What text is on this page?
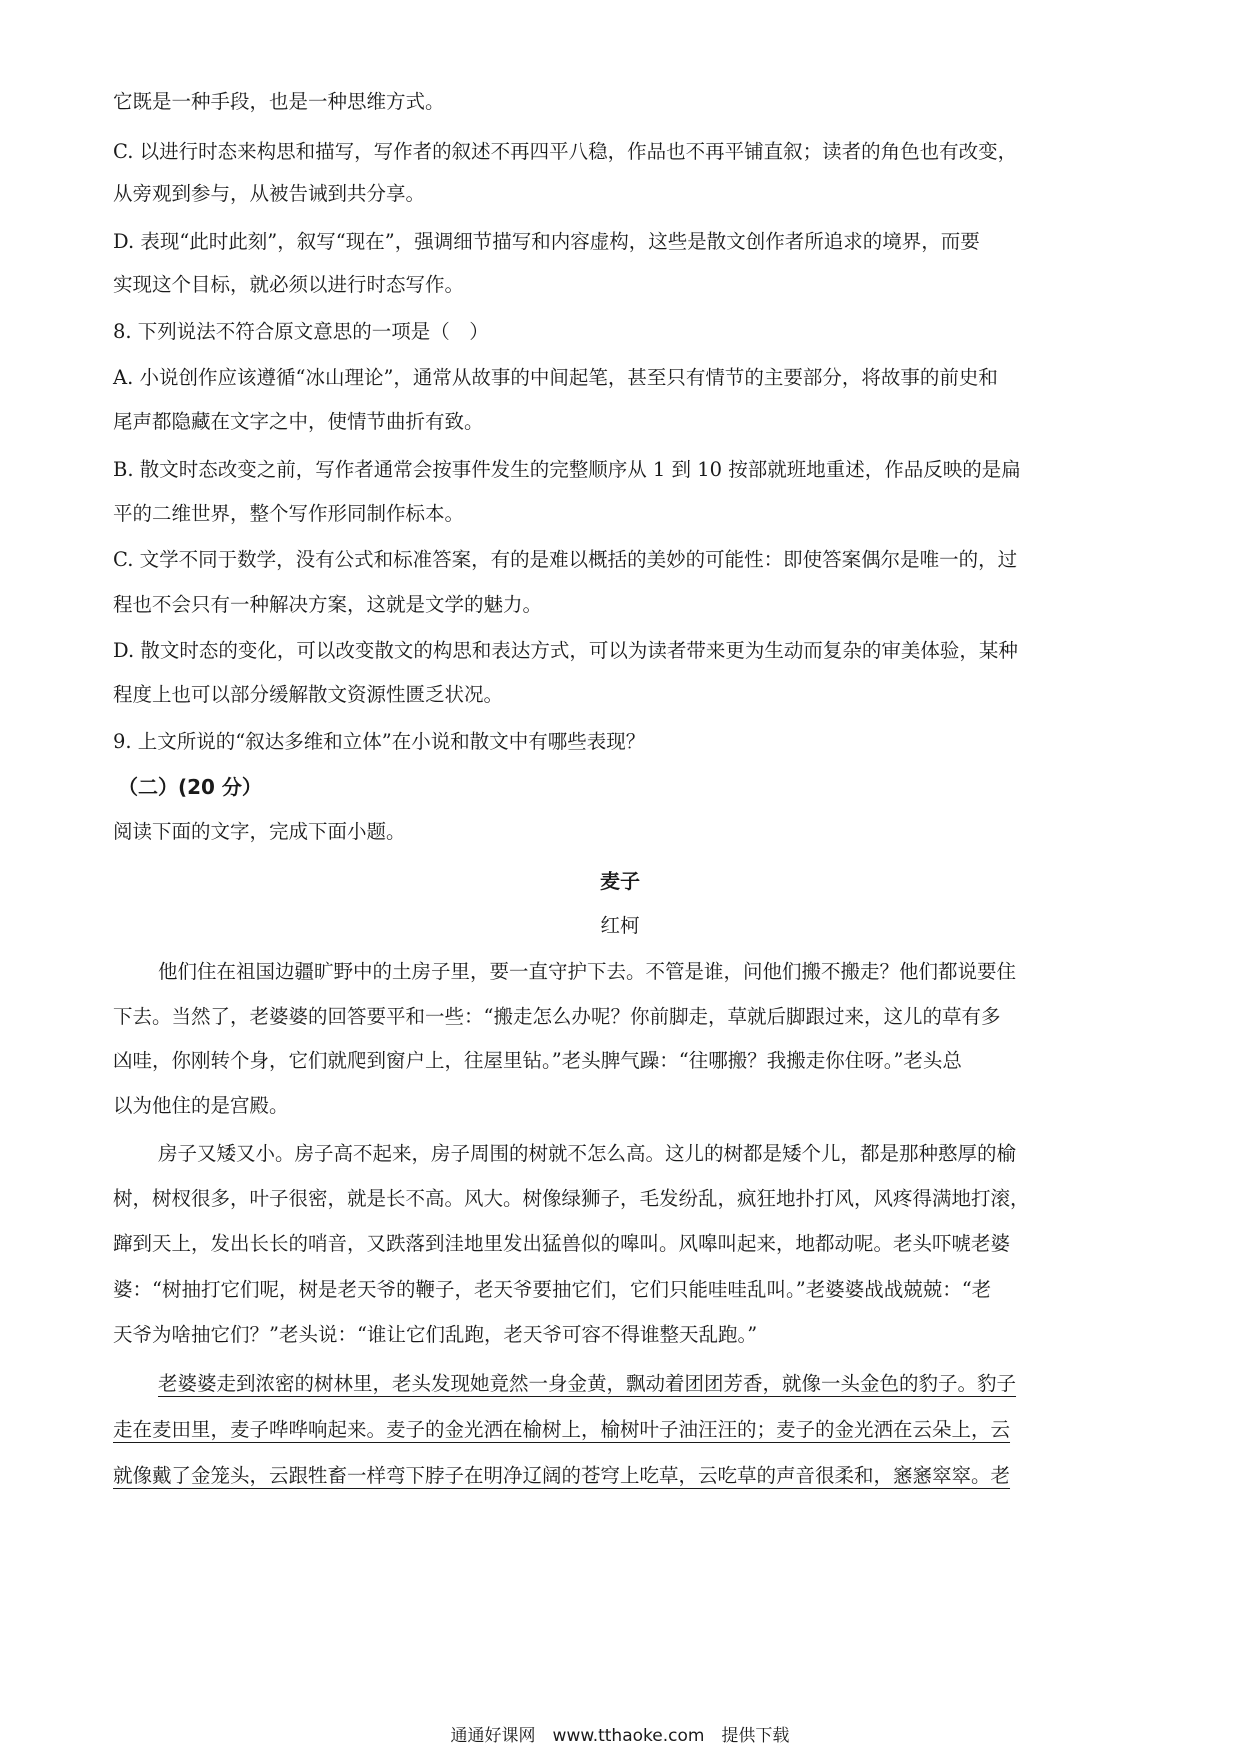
它既是一种手段，也是一种思维方式。
C. 以进行时态来构思和描写，写作者的叙述不再四平八稳，作品也不再平铺直叙；读者的角色也有改变，
从旁观到参与，从被告诫到共分享。
D. 表现“此时此刻”，叙写“现在”，强调细节描写和内容虚构，这些是散文创作者所追求的境界，而要
实现这个目标，就必须以进行时态写作。
8. 下列说法不符合原文意思的一项是（　）
A. 小说创作应该遵循“冰山理论”，通常从故事的中间起笔，甚至只有情节的主要部分，将故事的前史和
尾声都隐藏在文字之中，使情节曲折有致。
B. 散文时态改变之前，写作者通常会按事件发生的完整顺序从 1 到 10 按部就班地重述，作品反映的是扁
平的二维世界，整个写作形同制作标本。
C. 文学不同于数学，没有公式和标准答案，有的是难以概括的美妙的可能性：即使答案偶尔是唯一的，过
程也不会只有一种解决方案，这就是文学的魅力。
D. 散文时态的变化，可以改变散文的构思和表达方式，可以为读者带来更为生动而复杂的审美体验，某种
程度上也可以部分缓解散文资源性匮乏状况。
9. 上文所说的“叙达多维和立体”在小说和散文中有哪些表现？
（二）(20 分）
阅读下面的文字，完成下面小题。
麦子
红柯
他们住在祖国边疆旷野中的土房子里，要一直守护下去。不管是谁，问他们搬不搬走？他们都说要住
下去。当然了，老婆婆的回答要平和一些：“搬走怎么办呢？你前脚走，草就后脚跟过来，这儿的草有多
凶哇，你刚转个身，它们就爬到窗户上，往屋里钻。”老头脾气躁：“往哪搬？我搬走你住呀。”老头总
以为他住的是宫殿。
房子又矮又小。房子高不起来，房子周围的树就不怎么高。这儿的树都是矮个儿，都是那种憨厚的榆
树，树杈很多，叶子很密，就是长不高。风大。树像绿狮子，毛发纷乱，疯狂地扑打风，风疼得满地打滚，
蹿到天上，发出长长的哨音，又跌落到洼地里发出猛兽似的嗥叫。风嗥叫起来，地都动呢。老头吓唬老婆
婆：“树抽打它们呢，树是老天爷的鞭子，老天爷要抽它们，它们只能哇哇乱叫。”老婆婆战战兢兢：“老
天爷为啥抽它们？”老头说：“谁让它们乱跑，老天爷可容不得谁整天乱跑。”
老婆婆走到浓密的树林里，老头发现她竟然一身金黄，飘动着团团芳香，就像一头金色的豹子。豹子
走在麦田里，麦子哗哗响起来。麦子的金光洒在榆树上，榆树叶子油汪汪的；麦子的金光洒在云朵上，云
就像戴了金笼头，云跟牲畜一样弯下脖子在明净辽阔的苍穹上吃草，云吃草的声音很柔和，窸窸窣窣。老
通通好课网　www.tthaoke.com　提供下载
